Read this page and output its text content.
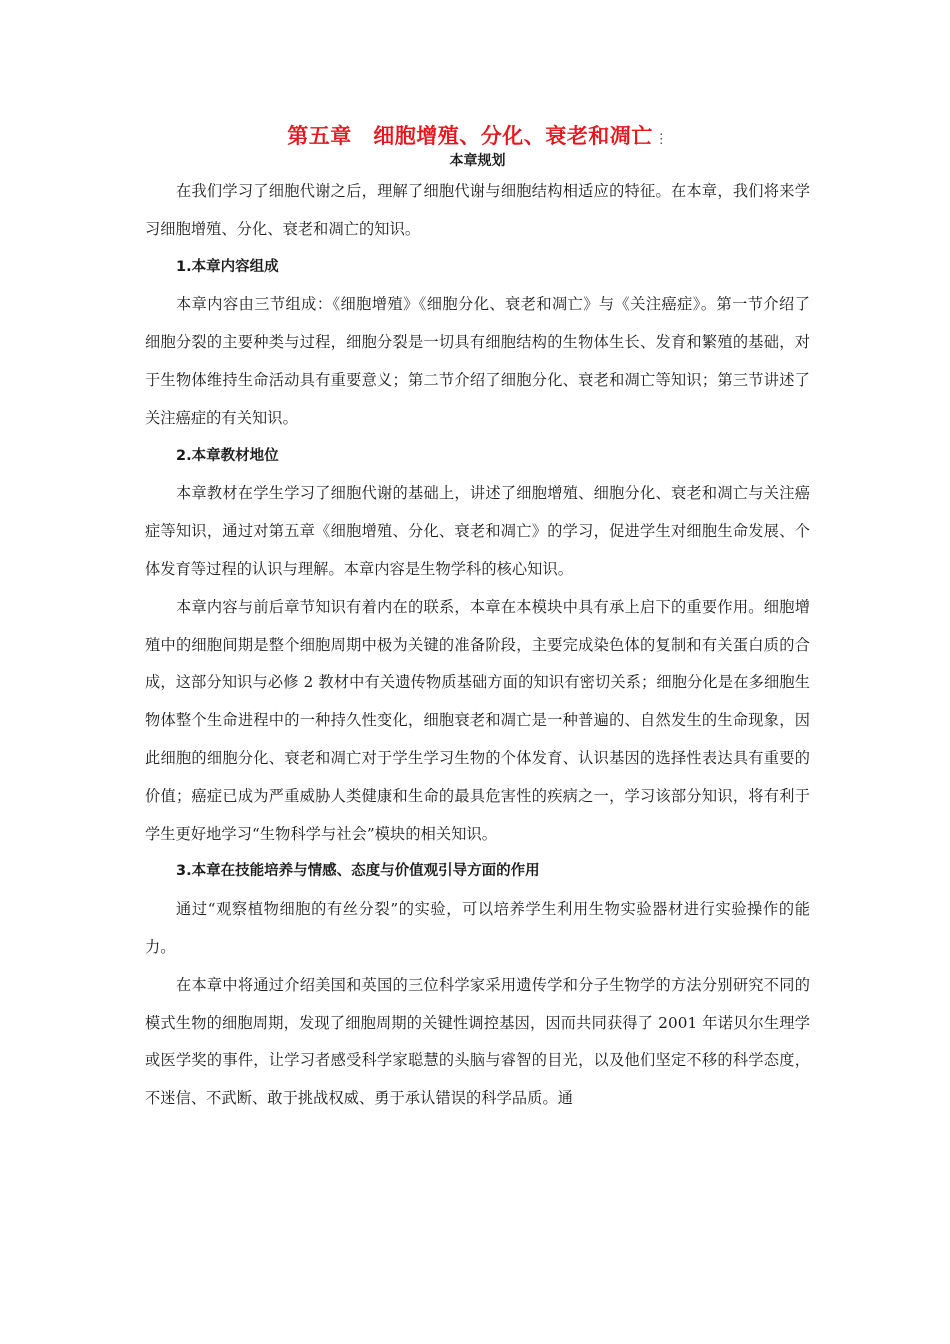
第五章　细胞增殖、分化、衰老和凋亡 ⋮
本章规划

在我们学习了细胞代谢之后，理解了细胞代谢与细胞结构相适应的特征。在本章，我们将来学习细胞增殖、分化、衰老和凋亡的知识。

1.本章内容组成

本章内容由三节组成：《细胞增殖》《细胞分化、衰老和凋亡》与《关注癌症》。第一节介绍了细胞分裂的主要种类与过程，细胞分裂是一切具有细胞结构的生物体生长、发育和繁殖的基础，对于生物体维持生命活动具有重要意义；第二节介绍了细胞分化、衰老和凋亡等知识；第三节讲述了关注癌症的有关知识。

2.本章教材地位

本章教材在学生学习了细胞代谢的基础上，讲述了细胞增殖、细胞分化、衰老和凋亡与关注癌症等知识，通过对第五章《细胞增殖、分化、衰老和凋亡》的学习，促进学生对细胞生命发展、个体发育等过程的认识与理解。本章内容是生物学科的核心知识。

本章内容与前后章节知识有着内在的联系，本章在本模块中具有承上启下的重要作用。细胞增殖中的细胞间期是整个细胞周期中极为关键的准备阶段，主要完成染色体的复制和有关蛋白质的合成，这部分知识与必修 2 教材中有关遗传物质基础方面的知识有密切关系；细胞分化是在多细胞生物体整个生命进程中的一种持久性变化，细胞衰老和凋亡是一种普遍的、自然发生的生命现象，因此细胞的细胞分化、衰老和凋亡对于学生学习生物的个体发育、认识基因的选择性表达具有重要的价值；癌症已成为严重威胁人类健康和生命的最具危害性的疾病之一，学习该部分知识，将有利于学生更好地学习“生物科学与社会”模块的相关知识。

3.本章在技能培养与情感、态度与价值观引导方面的作用

通过“观察植物细胞的有丝分裂”的实验，可以培养学生利用生物实验器材进行实验操作的能力。

在本章中将通过介绍美国和英国的三位科学家采用遗传学和分子生物学的方法分别研究不同的模式生物的细胞周期，发现了细胞周期的关键性调控基因，因而共同获得了 2001 年诺贝尔生理学或医学奖的事件，让学习者感受科学家聪慧的头脑与睿智的目光，以及他们坚定不移的科学态度，不迷信、不武断、敢于挑战权威、勇于承认错误的科学品质。通
